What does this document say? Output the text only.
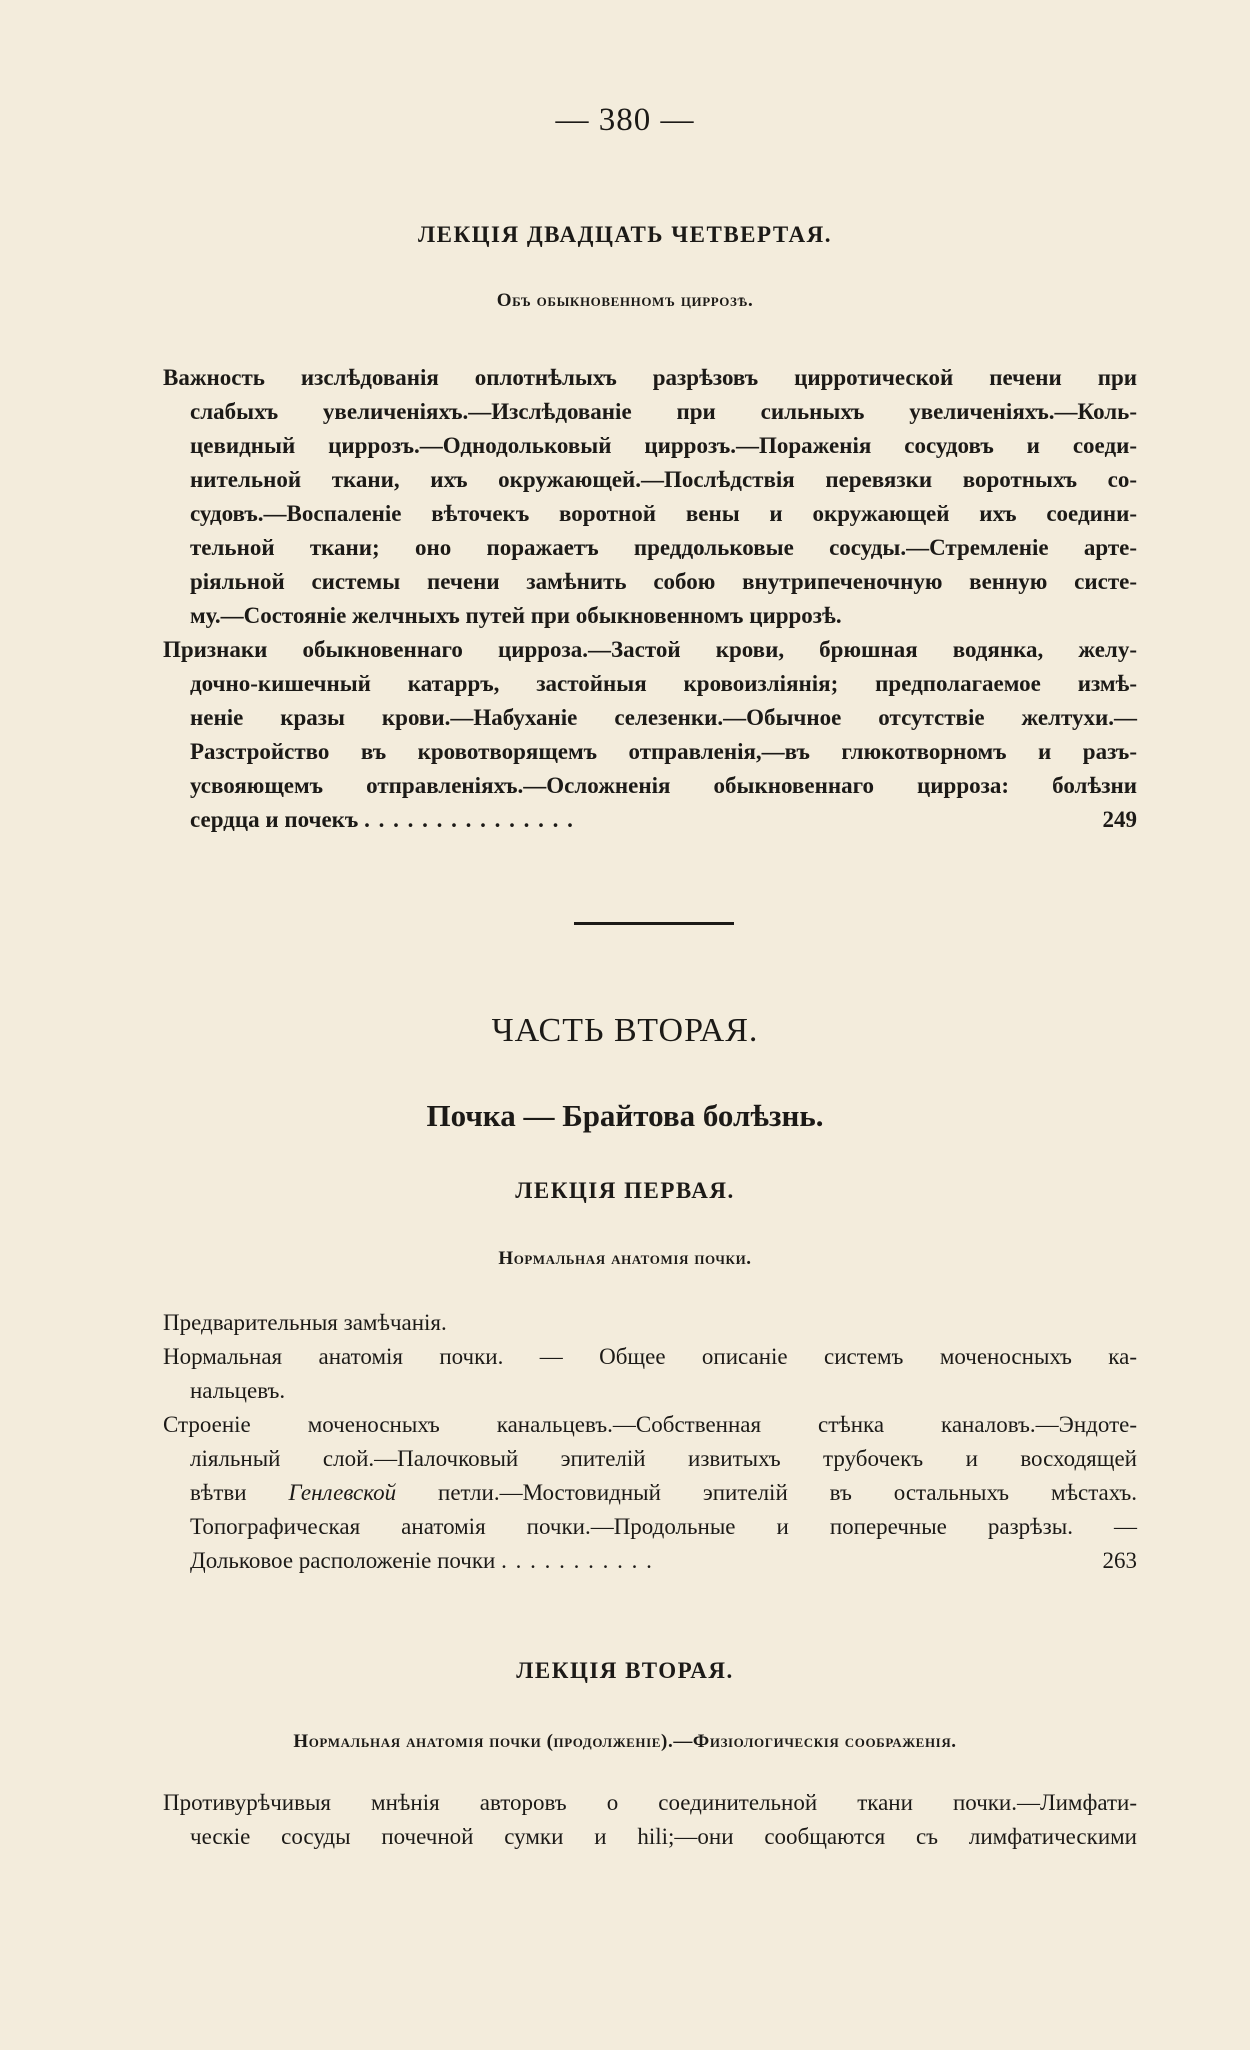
— 380 —
ЛЕКЦІЯ ДВАДЦАТЬ ЧЕТВЕРТАЯ.
Объ обыкновенномъ циррозѣ.
Важность изслѣдованія оплотнѣлыхъ разрѣзовъ цирротической печени при
слабыхъ увеличеніяхъ.—Изслѣдованіе при сильныхъ увеличеніяхъ.—Коль-
цевидный циррозъ.—Однодольковый циррозъ.—Пораженія сосудовъ и соеди-
нительной ткани, ихъ окружающей.—Послѣдствія перевязки воротныхъ со-
судовъ.—Воспаленіе вѣточекъ воротной вены и окружающей ихъ соедини-
тельной ткани; оно поражаетъ преддольковые сосуды.—Стремленіе арте-
ріяльной системы печени замѣнить собою внутрипеченочную венную систе-
му.—Состояніе желчныхъ путей при обыкновенномъ циррозѣ.
Признаки обыкновеннаго цирроза.—Застой крови, брюшная водянка, желу-
дочно-кишечный катарръ, застойныя кровоизліянія; предполагаемое измѣ-
неніе кразы крови.—Набуханіе селезенки.—Обычное отсутствіе желтухи.—
Разстройство въ кровотворящемъ отправленія,—въ глюкотворномъ и разъ-
усвояющемъ отправленіяхъ.—Осложненія обыкновеннаго цирроза: болѣзни
сердца и почекъ . . . . . . . . . . . . . . .	249
ЧАСТЬ ВТОРАЯ.
Почка — Брайтова болѣзнь.
ЛЕКЦІЯ ПЕРВАЯ.
Нормальная анатомія почки.
Предварительныя замѣчанія.
Нормальная анатомія почки. — Общее описаніе системъ моченосныхъ ка-
нальцевъ.
Строеніе моченосныхъ канальцевъ.—Собственная стѣнка каналовъ.—Эндоте-
ліяльный слой.—Палочковый эпителій извитыхъ трубочекъ и восходящей
вѣтви Генлевской петли.—Мостовидный эпителій въ остальныхъ мѣстахъ.
Топографическая анатомія почки.—Продольные и поперечные разрѣзы. —
Дольковое расположеніе почки . . . . . . . . . . .	263
ЛЕКЦІЯ ВТОРАЯ.
Нормальная анатомія почки (продолженіе).—Физіологическія соображенія.
Противурѣчивыя мнѣнія авторовъ о соединительной ткани почки.—Лимфати-
ческіе сосуды почечной сумки и hili;—они сообщаются съ лимфатическими
